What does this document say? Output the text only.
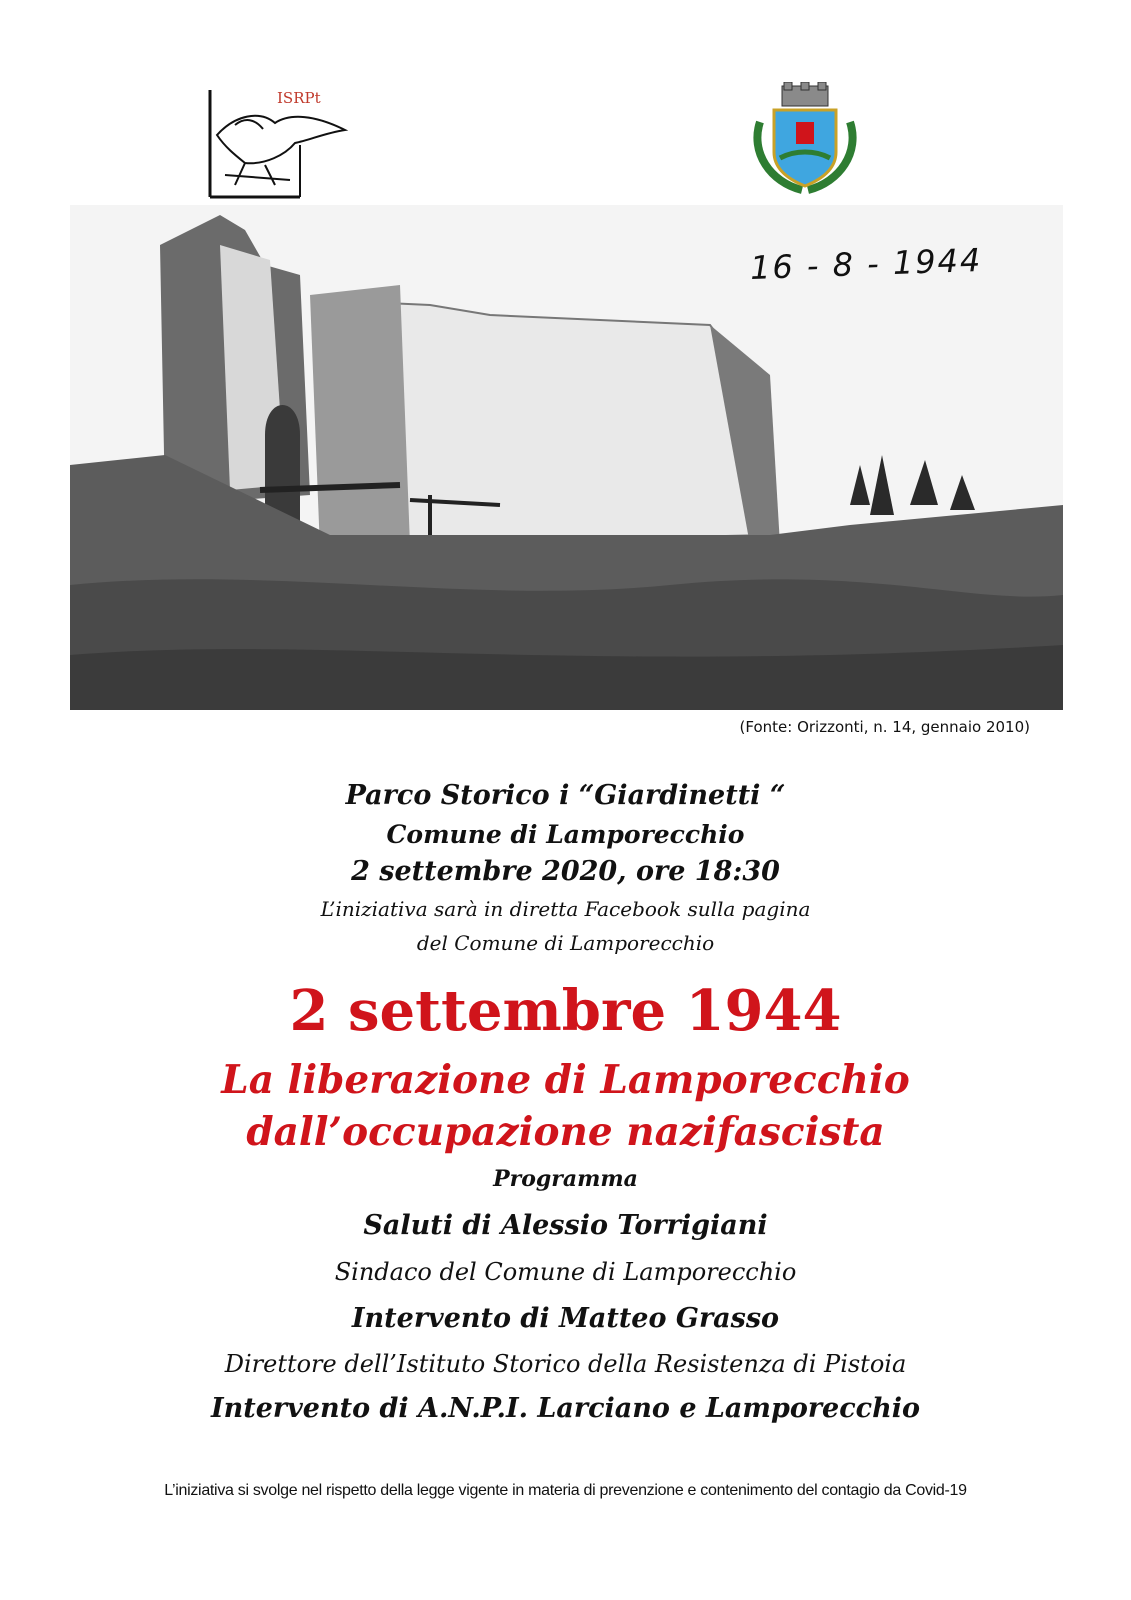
ISRPt
16 - 8 - 1944
(Fonte: Orizzonti, n. 14, gennaio 2010)
Parco Storico i “Giardinetti “
Comune di Lamporecchio
2 settembre 2020, ore 18:30
L’iniziativa sarà in diretta Facebook sulla pagina
del Comune di Lamporecchio
2 settembre 1944
La liberazione di Lamporecchio
dall’occupazione nazifascista
Programma
Saluti di Alessio Torrigiani
Sindaco del Comune di Lamporecchio
Intervento di Matteo Grasso
Direttore dell’Istituto Storico della Resistenza di Pistoia
Intervento di A.N.P.I. Larciano e Lamporecchio
L’iniziativa si svolge nel rispetto della legge vigente in materia di prevenzione e contenimento del contagio da Covid-19
